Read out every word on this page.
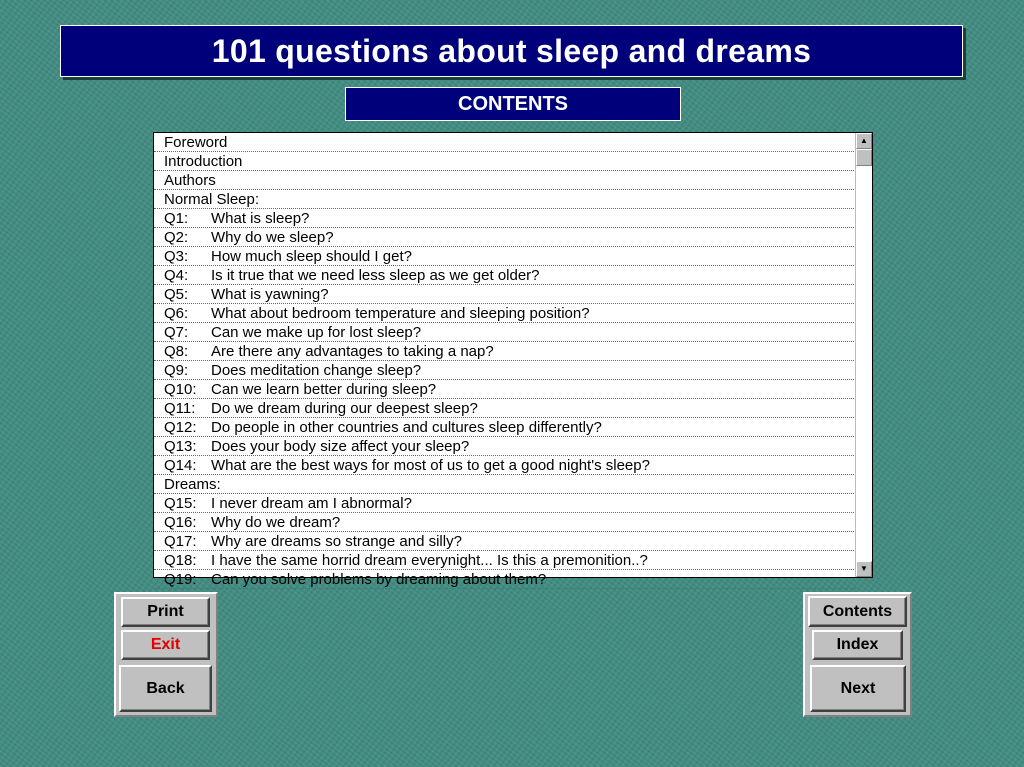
101 questions about sleep and dreams
CONTENTS
Foreword
Introduction
Authors
Normal Sleep:
Q1:	What is sleep?
Q2:	Why do we sleep?
Q3:	How much sleep should I get?
Q4:	Is it true that we need less sleep as we get older?
Q5:	What is yawning?
Q6:	What about bedroom temperature and sleeping position?
Q7:	Can we make up for lost sleep?
Q8:	Are there any advantages to taking a nap?
Q9:	Does meditation change sleep?
Q10: Can we learn better during sleep?
Q11:	Do we dream during our deepest sleep?
Q12: Do people in other countries and cultures sleep differently?
Q13: Does your body size affect your sleep?
Q14: What are the best ways for most of us to get a good night's sleep?
Dreams:
Q15: I never dream am I abnormal?
Q16: Why do we dream?
Q17: Why are dreams so strange and silly?
Q18: I have the same horrid dream everynight... Is this a premonition..?
Q19: Can you solve problems by dreaming about them?
▲
▼
Print
Exit
Back
Contents
Index
Next
